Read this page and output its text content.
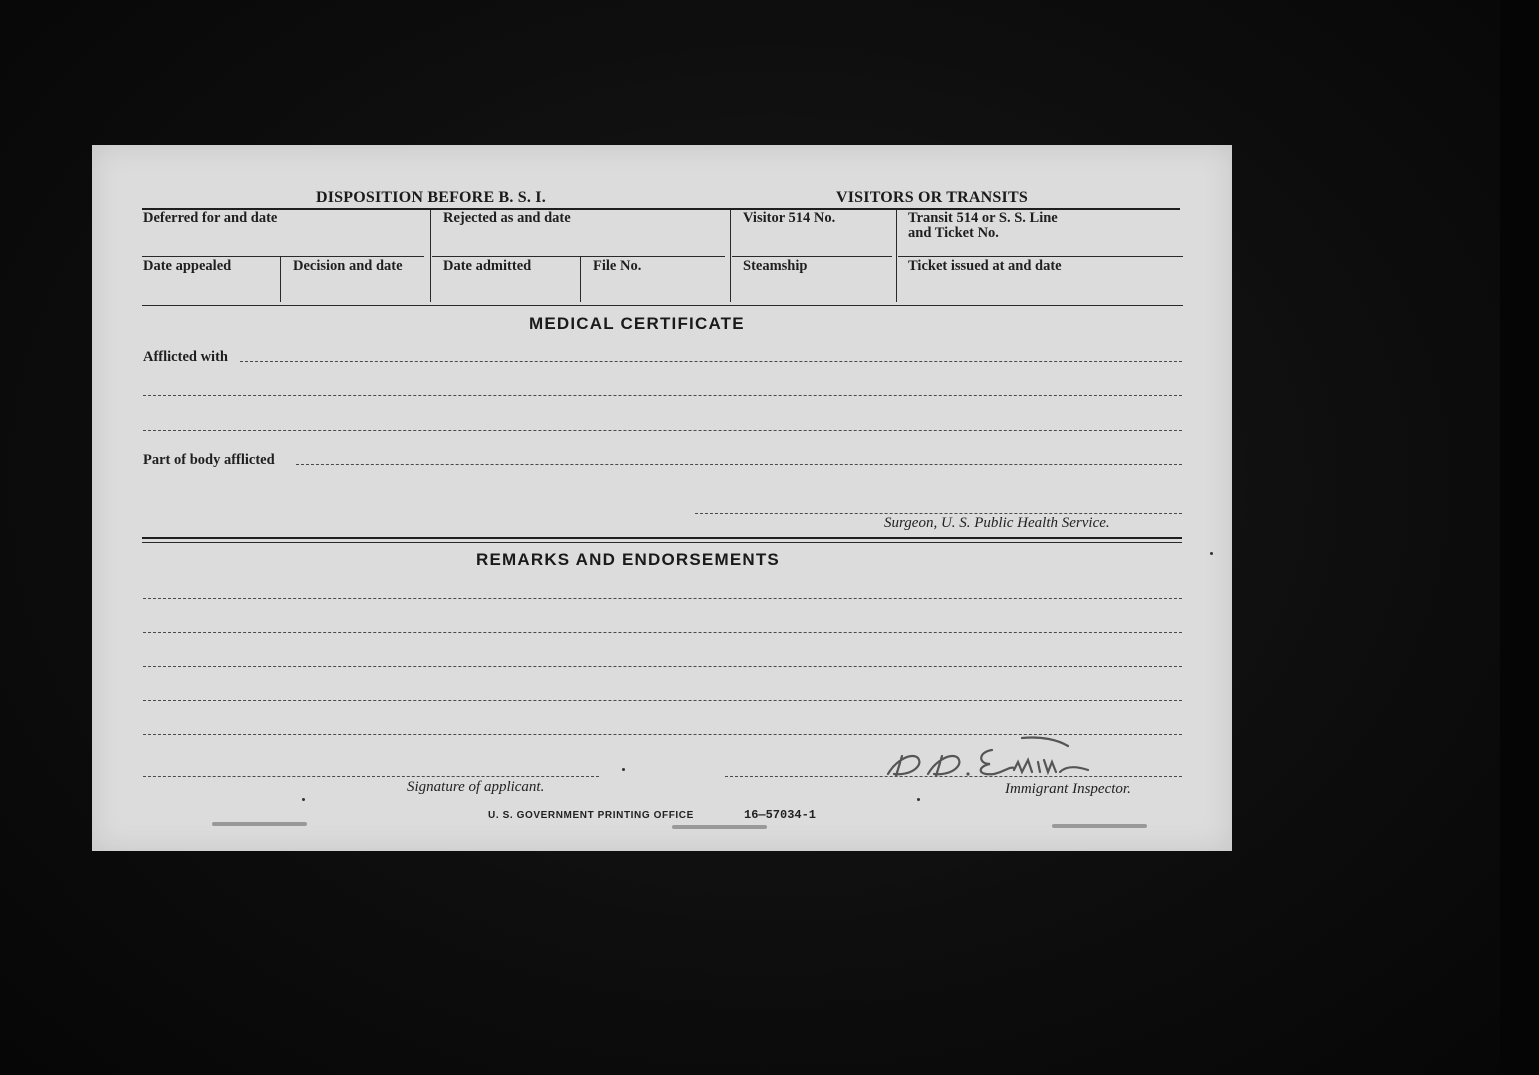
DISPOSITION BEFORE B. S. I.	VISITORS OR TRANSITS
Deferred for and date	Rejected as and date	Visitor 514 No.	Transit 514 or S. S. Line
and Ticket No.
Date appealed	Decision and date	Date admitted	File No.	Steamship	Ticket issued at and date
MEDICAL CERTIFICATE
Afflicted with
Part of body afflicted
Surgeon, U. S. Public Health Service.
REMARKS AND ENDORSEMENTS
Signature of applicant.	Immigrant Inspector.
U. S. GOVERNMENT PRINTING OFFICE	16—57034-1
